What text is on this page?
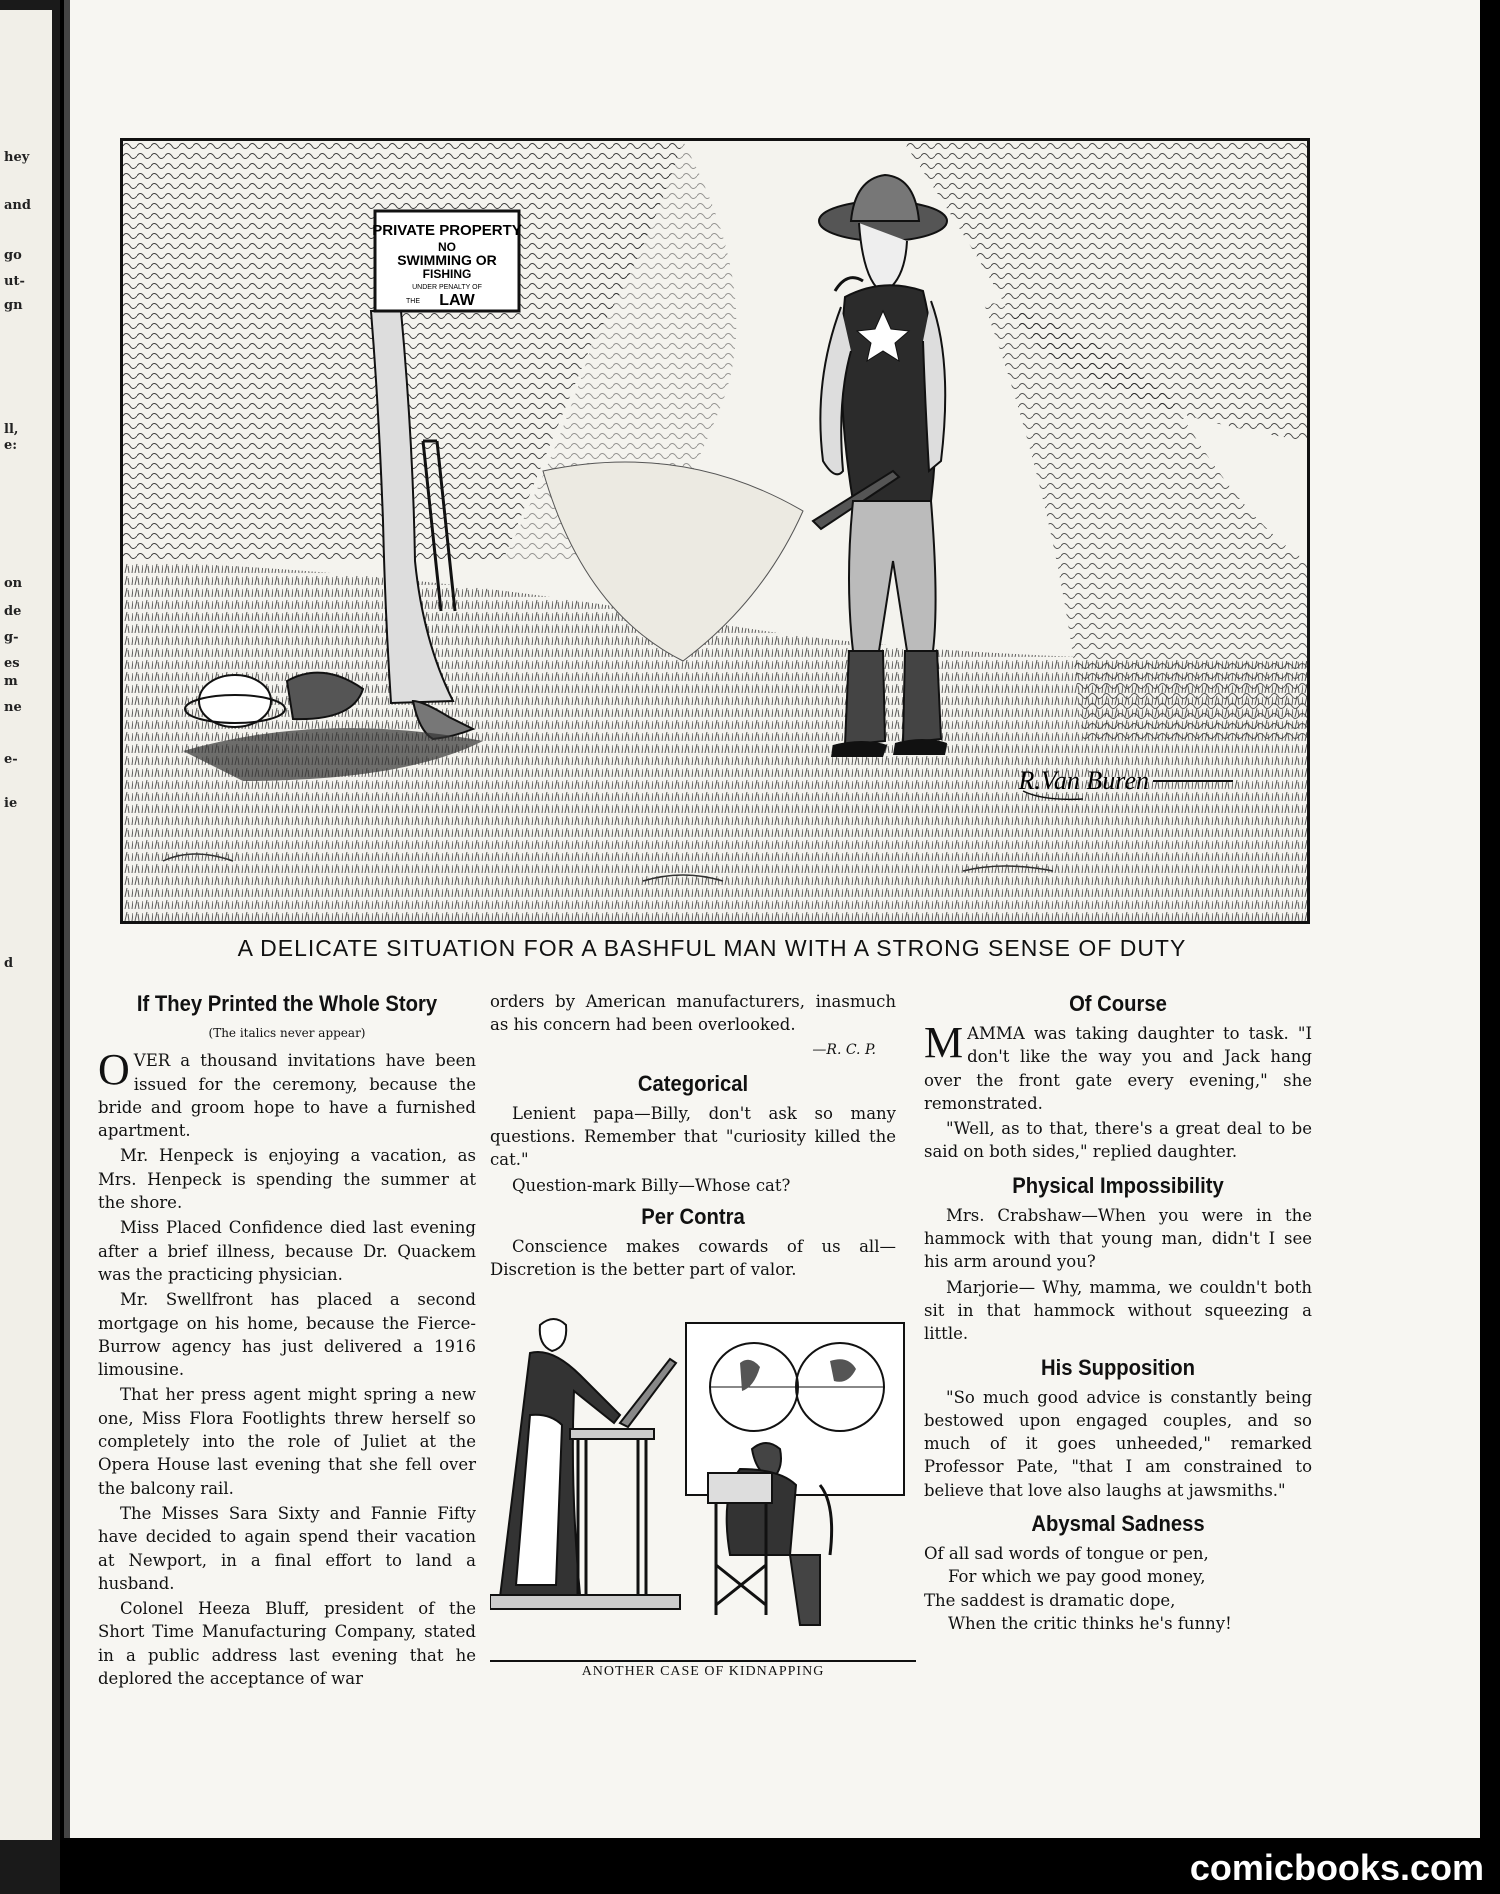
hey
and
go
ut-
gn
ll,
e:
on
de
g-
es
m
ne
e-
ie
d
PRIVATE PROPERTY
NO
SWIMMING OR
FISHING
UNDER PENALTY OF
THE LAW
R.Van Buren
A DELICATE SITUATION FOR A BASHFUL MAN WITH A STRONG SENSE OF DUTY
If They Printed the Whole Story
(The italics never appear)

OVER a thousand invitations have been issued for the ceremony, because the bride and groom hope to have a furnished apartment.

Mr. Henpeck is enjoying a vacation, as Mrs. Henpeck is spending the summer at the shore.

Miss Placed Confidence died last evening after a brief illness, because Dr. Quackem was the practicing physician.

Mr. Swellfront has placed a second mortgage on his home, because the Fierce-Burrow agency has just delivered a 1916 limousine.

That her press agent might spring a new one, Miss Flora Footlights threw herself so completely into the role of Juliet at the Opera House last evening that she fell over the balcony rail.

The Misses Sara Sixty and Fannie Fifty have decided to again spend their vacation at Newport, in a final effort to land a husband.

Colonel Heeza Bluff, president of the Short Time Manufacturing Company, stated in a public address last evening that he deplored the acceptance of war

orders by American manufacturers, inasmuch as his concern had been overlooked.

—R. C. P.
Categorical

Lenient papa—Billy, don't ask so many questions. Remember that "curiosity killed the cat."

Question-mark Billy—Whose cat?

Per Contra

Conscience makes cowards of us all—Discretion is the better part of valor.

ANOTHER CASE OF KIDNAPPING
Of Course

MAMMA was taking daughter to task. "I don't like the way you and Jack hang over the front gate every evening," she remonstrated.

"Well, as to that, there's a great deal to be said on both sides," replied daughter.

Physical Impossibility

Mrs. Crabshaw—When you were in the hammock with that young man, didn't I see his arm around you?

Marjorie— Why, mamma, we couldn't both sit in that hammock without squeezing a little.

His Supposition

"So much good advice is constantly being bestowed upon engaged couples, and so much of it goes unheeded," remarked Professor Pate, "that I am constrained to believe that love also laughs at jawsmiths."

Abysmal Sadness

Of all sad words of tongue or pen,

For which we pay good money,

The saddest is dramatic dope,

When the critic thinks he's funny!

comicbooks.com
